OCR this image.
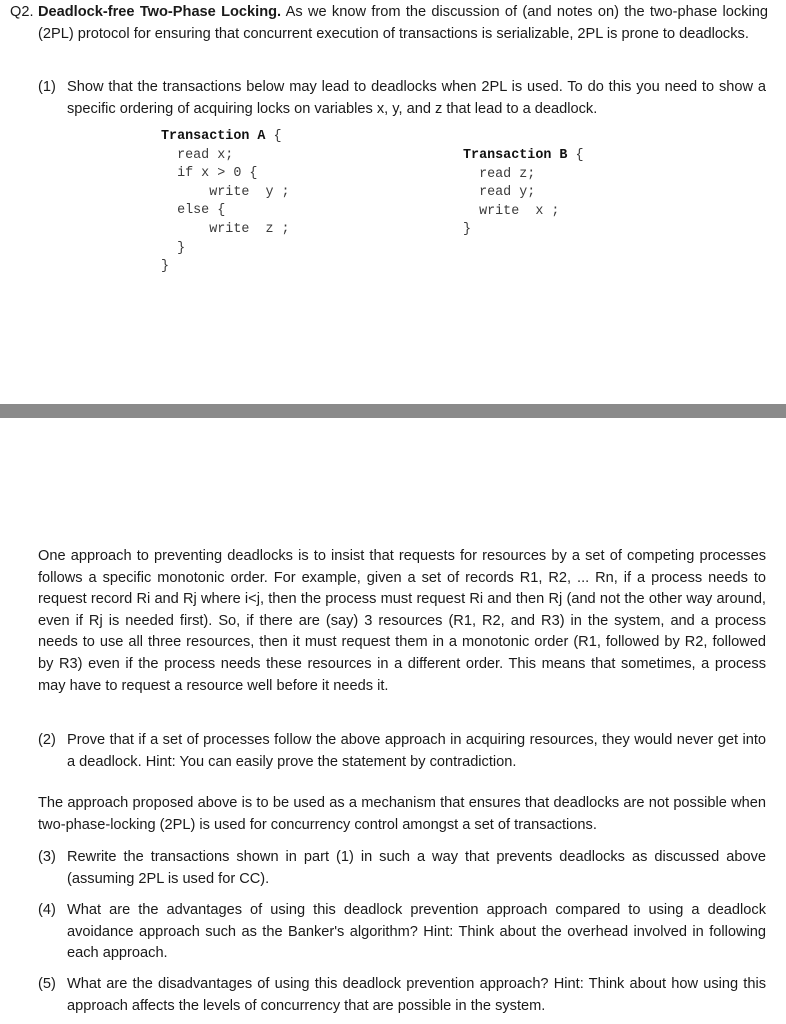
Q2. Deadlock-free Two-Phase Locking. As we know from the discussion of (and notes on) the two-phase locking (2PL) protocol for ensuring that concurrent execution of transactions is serializable, 2PL is prone to deadlocks.

(1) Show that the transactions below may lead to deadlocks when 2PL is used. To do this you need to show a specific ordering of acquiring locks on variables x, y, and z that lead to a deadlock.

Transaction A {
read x;
if x > 0 {
write  y ;
else {
write  z ;
}
}
Transaction B {
read z;
read y;
write  x ;
}

One approach to preventing deadlocks is to insist that requests for resources by a set of competing processes follows a specific monotonic order. For example, given a set of records R1, R2, ... Rn, if a process needs to request record Ri and Rj where i<j, then the process must request Ri and then Rj (and not the other way around, even if Rj is needed first). So, if there are (say) 3 resources (R1, R2, and R3) in the system, and a process needs to use all three resources, then it must request them in a monotonic order (R1, followed by R2, followed by R3) even if the process needs these resources in a different order. This means that sometimes, a process may have to request a resource well before it needs it.

(2) Prove that if a set of processes follow the above approach in acquiring resources, they would never get into a deadlock. Hint: You can easily prove the statement by contradiction.

The approach proposed above is to be used as a mechanism that ensures that deadlocks are not possible when two-phase-locking (2PL) is used for concurrency control amongst a set of transactions.

(3) Rewrite the transactions shown in part (1) in such a way that prevents deadlocks as discussed above (assuming 2PL is used for CC).

(4) What are the advantages of using this deadlock prevention approach compared to using a deadlock avoidance approach such as the Banker's algorithm? Hint: Think about the overhead involved in following each approach.

(5) What are the disadvantages of using this deadlock prevention approach? Hint: Think about how using this approach affects the levels of concurrency that are possible in the system.
